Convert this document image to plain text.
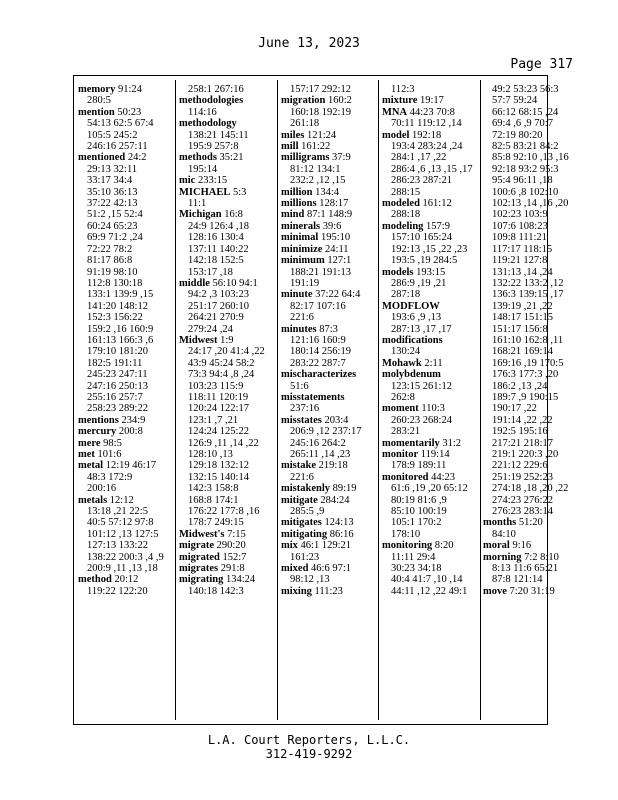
June 13, 2023
Page 317
memory 91:24
280:5
mention 50:23
54:13 62:5 67:4
105:5 245:2
246:16 257:11
mentioned 24:2
29:13 32:11
33:17 34:4
35:10 36:13
37:22 42:13
51:2 ,15 52:4
60:24 65:23
69:9 71:2 ,24
72:22 78:2
81:17 86:8
91:19 98:10
112:8 130:18
133:1 139:9 ,15
141:20 148:12
152:3 156:22
159:2 ,16 160:9
161:13 166:3 ,6
179:10 181:20
182:5 191:11
245:23 247:11
247:16 250:13
255:16 257:7
258:23 289:22
mentions 234:9
mercury 200:8
mere 98:5
met 101:6
metal 12:19 46:17
48:3 172:9
200:16
metals 12:12
13:18 ,21 22:5
40:5 57:12 97:8
101:12 ,13 127:5
127:13 133:22
138:22 200:3 ,4 ,9
200:9 ,11 ,13 ,18
method 20:12
119:22 122:20
258:1 267:16
methodologies
114:16
methodology
138:21 145:11
195:9 257:8
methods 35:21
195:14
mic 233:15
MICHAEL 5:3
11:1
Michigan 16:8
24:9 126:4 ,18
128:16 130:4
137:11 140:22
142:18 152:5
153:17 ,18
middle 56:10 94:1
94:2 ,3 103:23
251:17 260:10
264:21 270:9
279:24 ,24
Midwest 1:9
24:17 ,20 41:4 ,22
43:9 45:24 58:2
73:3 94:4 ,8 ,24
103:23 115:9
118:11 120:19
120:24 122:17
123:1 ,7 ,21
124:24 125:22
126:9 ,11 ,14 ,22
128:10 ,13
129:18 132:12
132:15 140:14
142:3 158:8
168:8 174:1
176:22 177:8 ,16
178:7 249:15
Midwest's 7:15
migrate 290:20
migrated 152:7
migrates 291:8
migrating 134:24
140:18 142:3
157:17 292:12
migration 160:2
160:18 192:19
261:18
miles 121:24
mill 161:22
milligrams 37:9
81:12 134:1
232:2 ,12 ,15
million 134:4
millions 128:17
mind 87:1 148:9
minerals 39:6
minimal 195:10
minimize 24:11
minimum 127:1
188:21 191:13
191:19
minute 37:22 64:4
82:17 107:16
221:6
minutes 87:3
121:16 160:9
180:14 256:19
283:22 287:7
mischaracterizes
51:6
misstatements
237:16
misstates 203:4
206:9 ,12 237:17
245:16 264:2
265:11 ,14 ,23
mistake 219:18
221:6
mistakenly 89:19
mitigate 284:24
285:5 ,9
mitigates 124:13
mitigating 86:16
mix 46:1 129:21
161:23
mixed 46:6 97:1
98:12 ,13
mixing 111:23
112:3
mixture 19:17
MNA 44:23 70:8
70:11 119:12 ,14
model 192:18
193:4 283:24 ,24
284:1 ,17 ,22
286:4 ,6 ,13 ,15 ,17
286:23 287:21
288:15
modeled 161:12
288:18
modeling 157:9
157:10 165:24
192:13 ,15 ,22 ,23
193:5 ,19 284:5
models 193:15
286:9 ,19 ,21
287:18
MODFLOW
193:6 ,9 ,13
287:13 ,17 ,17
modifications
130:24
Mohawk 2:11
molybdenum
123:15 261:12
262:8
moment 110:3
260:23 268:24
283:21
momentarily 31:2
monitor 119:14
178:9 189:11
monitored 44:23
61:6 ,19 ,20 65:12
80:19 81:6 ,9
85:10 100:19
105:1 170:2
178:10
monitoring 8:20
11:11 29:4
30:23 34:18
40:4 41:7 ,10 ,14
44:11 ,12 ,22 49:1
49:2 53:23 56:3
57:7 59:24
66:12 68:15 ,24
69:4 ,6 ,9 70:7
72:19 80:20
82:5 83:21 84:2
85:8 92:10 ,13 ,16
92:18 93:2 95:3
95:4 96:11 ,18
100:6 ,8 102:10
102:13 ,14 ,16 ,20
102:23 103:9
107:6 108:23
109:8 111:21
117:17 118:15
119:21 127:8
131:13 ,14 ,24
132:22 133:2 ,12
136:3 139:15 ,17
139:19 ,21 ,22
148:17 151:15
151:17 156:8
161:10 162:8 ,11
168:21 169:14
169:16 ,19 170:5
176:3 177:3 ,20
186:2 ,13 ,24
189:7 ,9 190:15
190:17 ,22
191:14 ,22 ,22
192:5 195:16
217:21 218:17
219:1 220:3 ,20
221:12 229:6
251:19 252:23
274:18 ,18 ,20 ,22
274:23 276:22
276:23 283:14
months 51:20
84:10
moral 9:16
morning 7:2 8:10
8:13 11:6 65:21
87:8 121:14
move 7:20 31:19
L.A. Court Reporters, L.L.C.
312-419-9292
